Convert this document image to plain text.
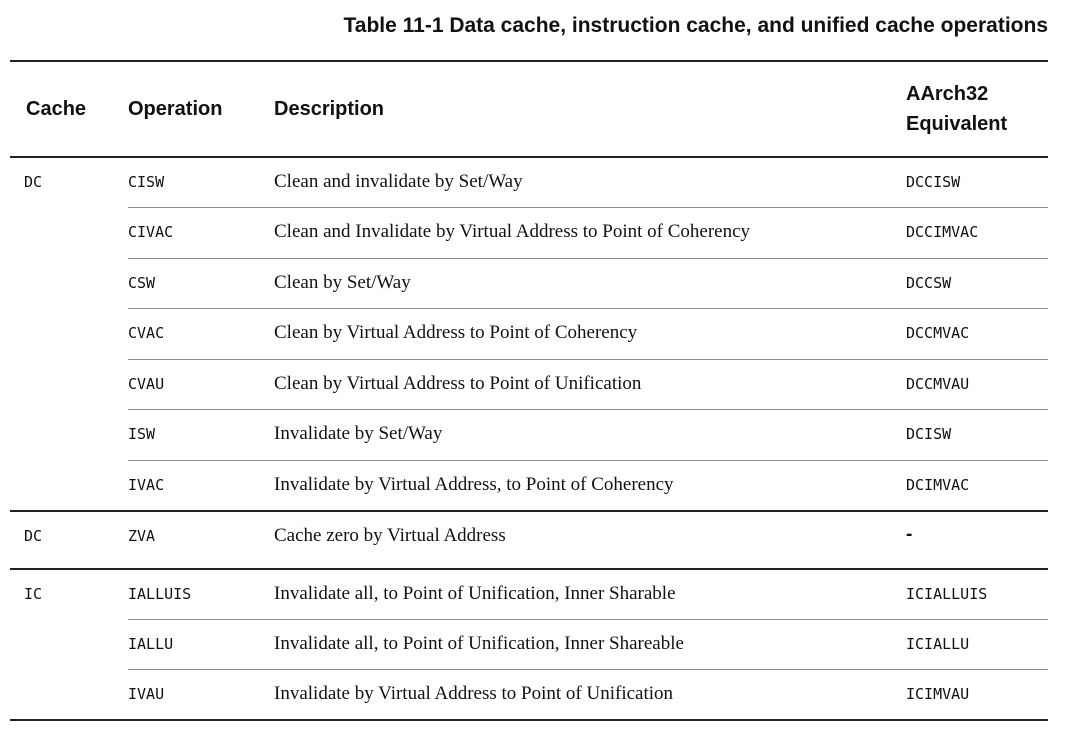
Table 11-1 Data cache, instruction cache, and unified cache operations
Cache	Operation	Description	AArch32
Equivalent

DC	CISW	Clean and invalidate by Set/Way	DCCISW
	CIVAC	Clean and Invalidate by Virtual Address to Point of Coherency	DCCIMVAC
	CSW	Clean by Set/Way	DCCSW
	CVAC	Clean by Virtual Address to Point of Coherency	DCCMVAC
	CVAU	Clean by Virtual Address to Point of Unification	DCCMVAU
	ISW	Invalidate by Set/Way	DCISW
	IVAC	Invalidate by Virtual Address, to Point of Coherency	DCIMVAC
DC	ZVA	Cache zero by Virtual Address	-
IC	IALLUIS	Invalidate all, to Point of Unification, Inner Sharable	ICIALLUIS
	IALLU	Invalidate all, to Point of Unification, Inner Shareable	ICIALLU
	IVAU	Invalidate by Virtual Address to Point of Unification	ICIMVAU
